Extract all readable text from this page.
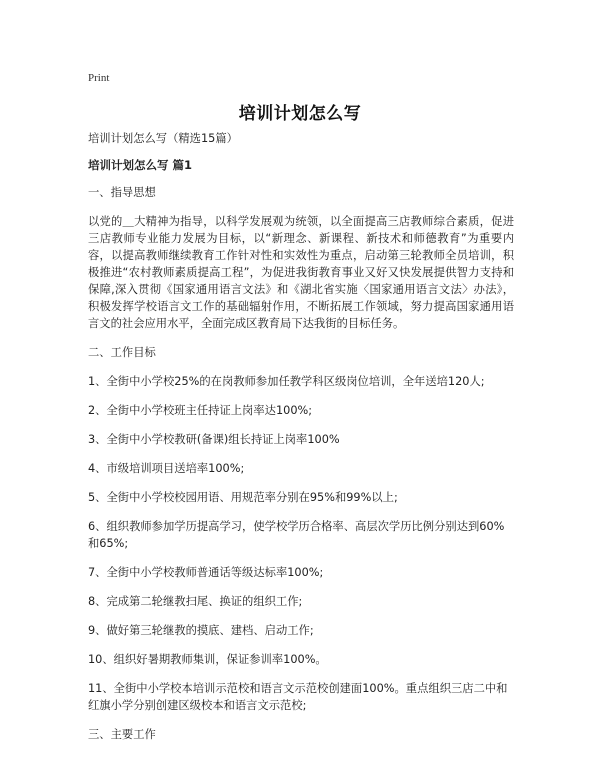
Print
培训计划怎么写

培训计划怎么写（精选15篇）

培训计划怎么写 篇1

一、指导思想

以党的＿大精神为指导，以科学发展观为统领，以全面提高三店教师综合素质，促进三店教师专业能力发展为目标，以“新理念、新课程、新技术和师德教育”为重要内容，以提高教师继续教育工作针对性和实效性为重点，启动第三轮教师全员培训，积极推进“农村教师素质提高工程”，为促进我街教育事业又好又快发展提供智力支持和保障,深入贯彻《国家通用语言文法》和《湖北省实施〈国家通用语言文法〉办法》，积极发挥学校语言文工作的基础辐射作用，不断拓展工作领域，努力提高国家通用语言文的社会应用水平，全面完成区教育局下达我街的目标任务。

二、工作目标

1、全街中小学校25%的在岗教师参加任教学科区级岗位培训，全年送培120人;

2、全街中小学校班主任持证上岗率达100%;

3、全街中小学校教研(备课)组长持证上岗率100%

4、市级培训项目送培率100%;

5、全街中小学校校园用语、用规范率分别在95%和99%以上;

6、组织教师参加学历提高学习，使学校学历合格率、高层次学历比例分别达到60%和65%;

7、全街中小学校教师普通话等级达标率100%;

8、完成第二轮继教扫尾、换证的组织工作;

9、做好第三轮继教的摸底、建档、启动工作;

10、组织好暑期教师集训，保证参训率100%。

11、全街中小学校本培训示范校和语言文示范校创建面100%。重点组织三店二中和红旗小学分别创建区级校本和语言文示范校;

三、主要工作
